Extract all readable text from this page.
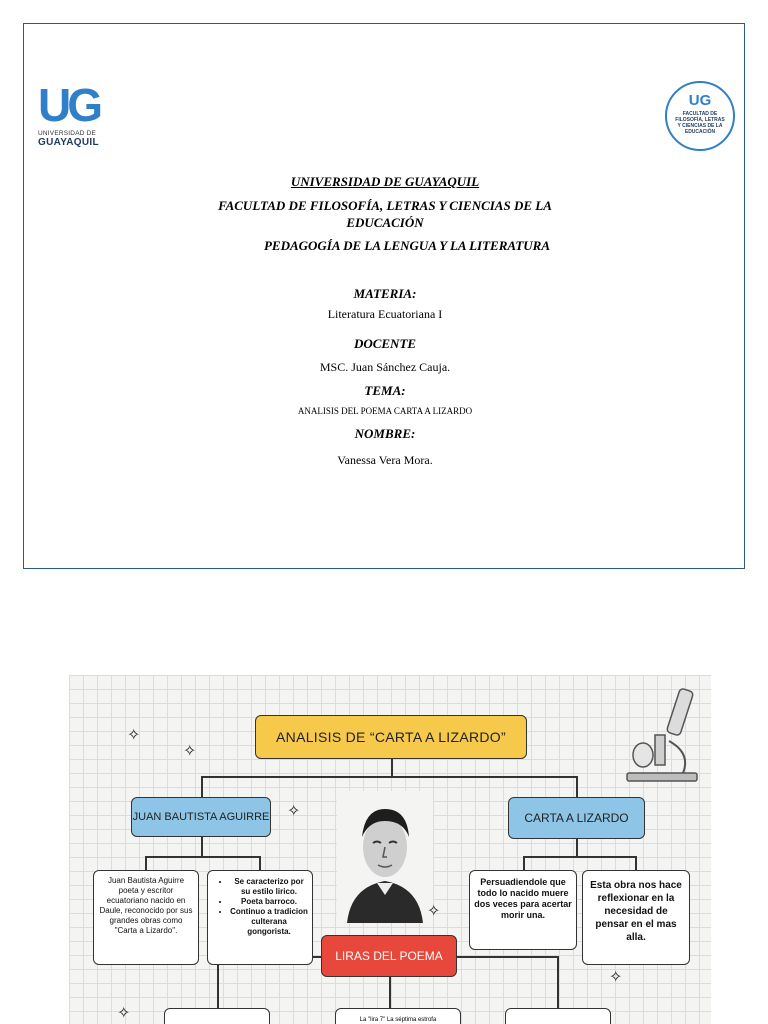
UG
UNIVERSIDAD DE
GUAYAQUIL
UG
FACULTAD DE FILOSOFÍA, LETRAS Y CIENCIAS DE LA EDUCACIÓN
UNIVERSIDAD DE GUAYAQUIL
FACULTAD DE FILOSOFÍA, LETRAS Y CIENCIAS DE LA
EDUCACIÓN
PEDAGOGÍA DE LA LENGUA Y LA LITERATURA
MATERIA:
Literatura Ecuatoriana I
DOCENTE
MSC. Juan Sánchez Cauja.
TEMA:
ANALISIS DEL POEMA CARTA A LIZARDO
NOMBRE:
Vanessa Vera Mora.
ANALISIS DE “CARTA A LIZARDO”
JUAN BAUTISTA AGUIRRE	CARTA A LIZARDO
Juan Bautista Aguirre poeta y escritor ecuatoriano nacido en Daule, reconocido por sus grandes obras como "Carta a Lizardo".
• Se caracterizo por su estilo lirico.
• Poeta barroco.
• Continuo a tradicion culterana gongorista.
Persuadiendole que todo lo nacido muere dos veces para acertar morir una.
Esta obra nos hace reflexionar en la necesidad de pensar en el mas alla.
LIRAS DEL POEMA
La "lira 7" La séptima estrofa
✧
✧
✧
✧
✧
✧
